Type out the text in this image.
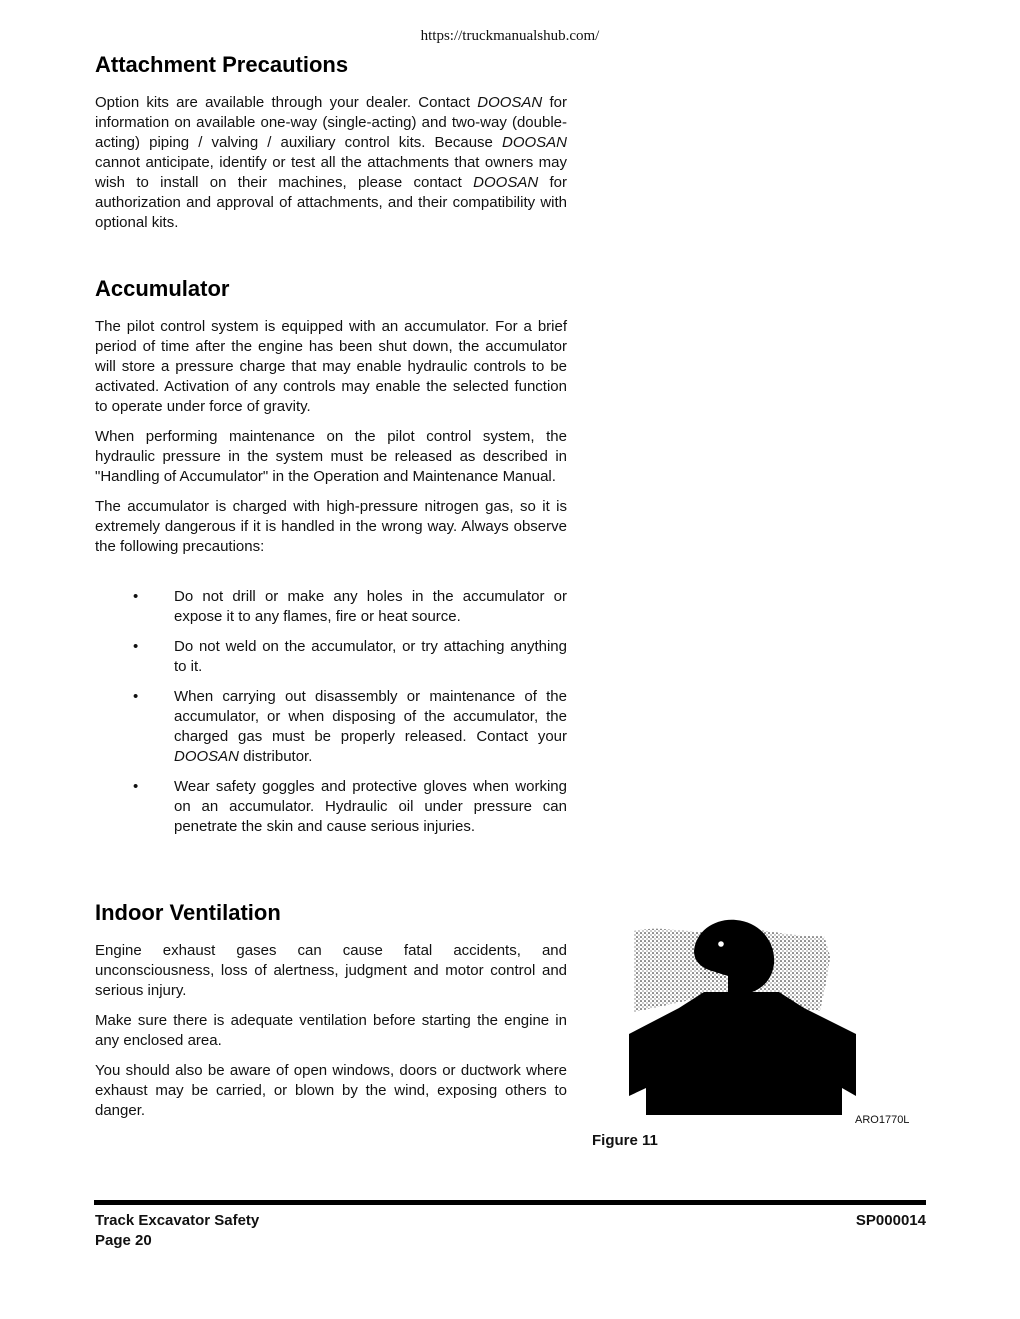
https://truckmanualshub.com/
Attachment Precautions

Option kits are available through your dealer. Contact DOOSAN for information on available one-way (single-acting) and two-way (double-acting) piping / valving / auxiliary control kits. Because DOOSAN cannot anticipate, identify or test all the attachments that owners may wish to install on their machines, please contact DOOSAN for authorization and approval of attachments, and their compatibility with optional kits.

Accumulator

The pilot control system is equipped with an accumulator. For a brief period of time after the engine has been shut down, the accumulator will store a pressure charge that may enable hydraulic controls to be activated. Activation of any controls may enable the selected function to operate under force of gravity.

When performing maintenance on the pilot control system, the hydraulic pressure in the system must be released as described in "Handling of Accumulator" in the Operation and Maintenance Manual.

The accumulator is charged with high-pressure nitrogen gas, so it is extremely dangerous if it is handled in the wrong way. Always observe the following precautions:

• Do not drill or make any holes in the accumulator or expose it to any flames, fire or heat source.

• Do not weld on the accumulator, or try attaching anything to it.

• When carrying out disassembly or maintenance of the accumulator, or when disposing of the accumulator, the charged gas must be properly released. Contact your DOOSAN distributor.

• Wear safety goggles and protective gloves when working on an accumulator. Hydraulic oil under pressure can penetrate the skin and cause serious injuries.

Indoor Ventilation

Engine exhaust gases can cause fatal accidents, and unconsciousness, loss of alertness, judgment and motor control and serious injury.

Make sure there is adequate ventilation before starting the engine in any enclosed area.

You should also be aware of open windows, doors or ductwork where exhaust may be carried, or blown by the wind, exposing others to danger.

ARO1770L
Figure 11
Track Excavator Safety
Page 20
SP000014
